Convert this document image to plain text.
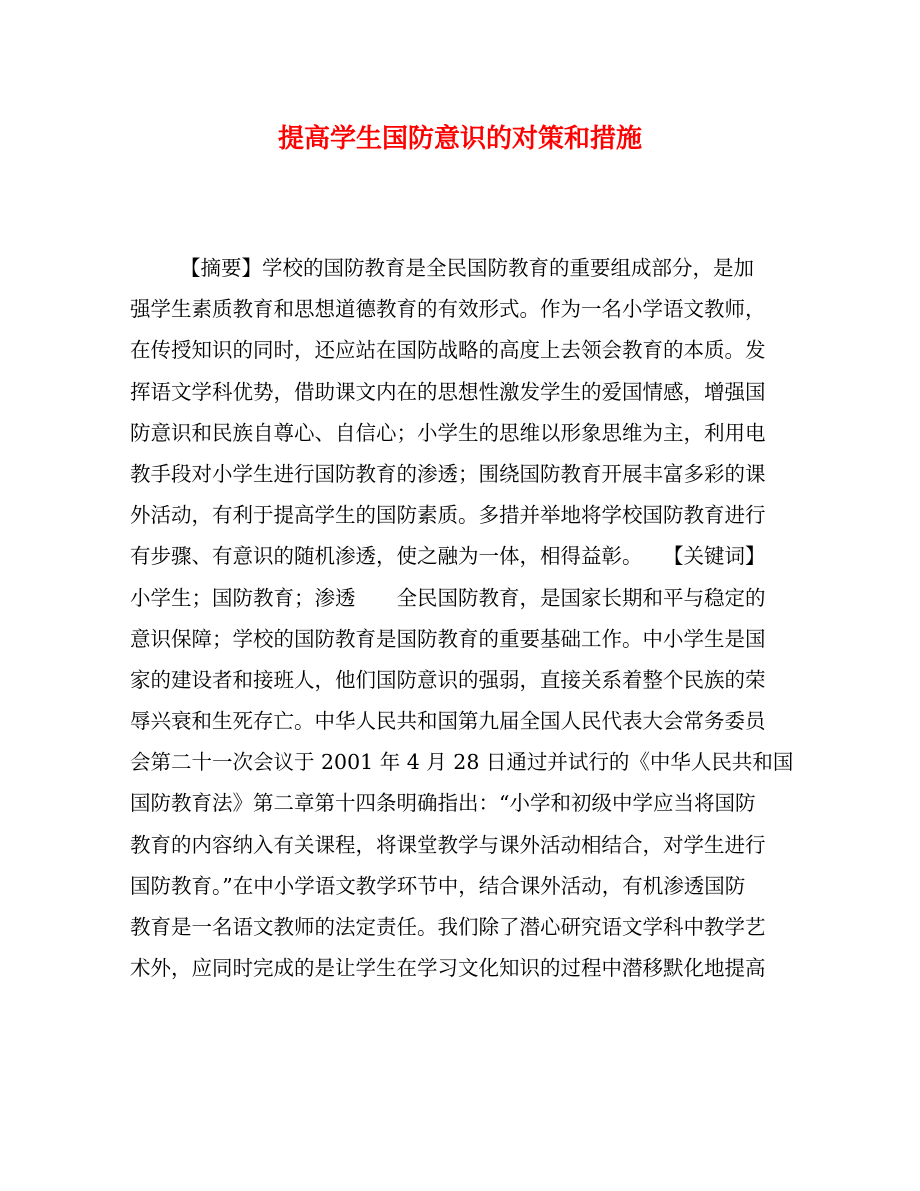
提高学生国防意识的对策和措施
【摘要】学校的国防教育是全民国防教育的重要组成部分，是加
强学生素质教育和思想道德教育的有效形式。作为一名小学语文教师，
在传授知识的同时，还应站在国防战略的高度上去领会教育的本质。发
挥语文学科优势，借助课文内在的思想性激发学生的爱国情感，增强国
防意识和民族自尊心、自信心；小学生的思维以形象思维为主，利用电
教手段对小学生进行国防教育的渗透；围绕国防教育开展丰富多彩的课
外活动，有利于提高学生的国防素质。多措并举地将学校国防教育进行
有步骤、有意识的随机渗透，使之融为一体，相得益彰。　　【关键词】
小学生；国防教育；渗透　　全民国防教育，是国家长期和平与稳定的
意识保障；学校的国防教育是国防教育的重要基础工作。中小学生是国
家的建设者和接班人，他们国防意识的强弱，直接关系着整个民族的荣
辱兴衰和生死存亡。中华人民共和国第九届全国人民代表大会常务委员
会第二十一次会议于 2001 年 4 月 28 日通过并试行的《中华人民共和国
国防教育法》第二章第十四条明确指出：“小学和初级中学应当将国防
教育的内容纳入有关课程，将课堂教学与课外活动相结合，对学生进行
国防教育。”在中小学语文教学环节中，结合课外活动，有机渗透国防
教育是一名语文教师的法定责任。我们除了潜心研究语文学科中教学艺
术外，应同时完成的是让学生在学习文化知识的过程中潜移默化地提高
